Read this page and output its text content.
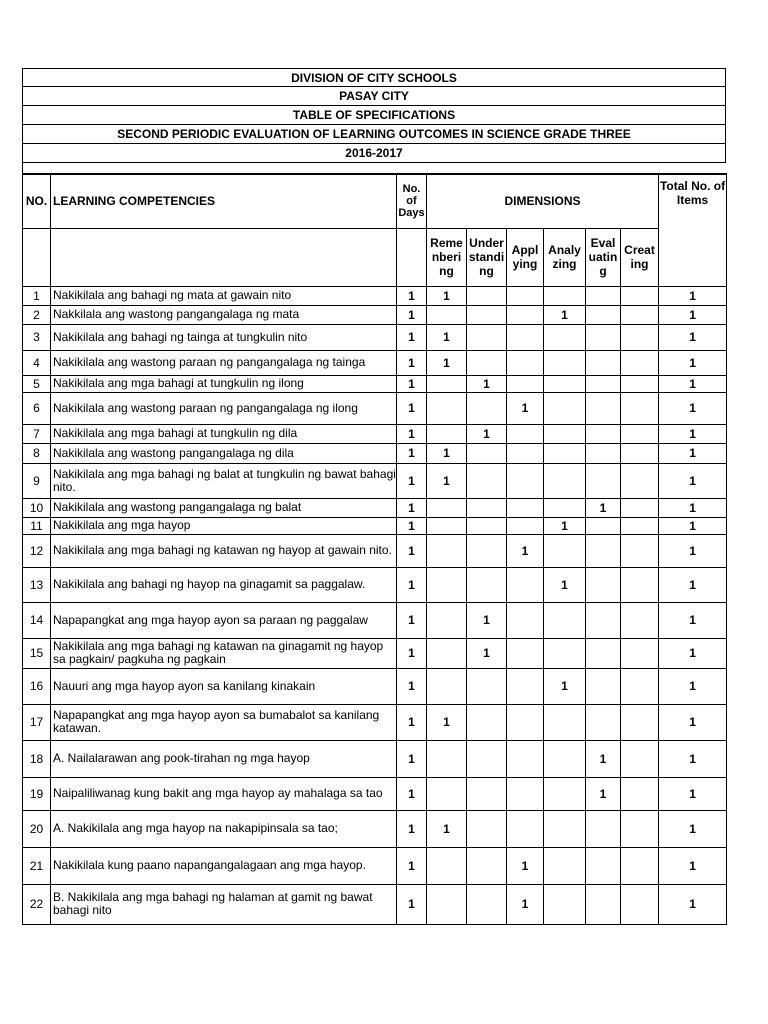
DIVISION OF CITY SCHOOLS
PASAY CITY
TABLE OF SPECIFICATIONS
SECOND PERIODIC EVALUATION OF LEARNING OUTCOMES IN SCIENCE GRADE THREE
2016-2017
NO.	LEARNING COMPETENCIES	No. of Days	DIMENSIONS						Total No. of Items
			Reme nberi ng	Under standi ng	Appl ying	Analy zing	Eval uatin g	Creat ing	
1	Nakikilala ang bahagi ng mata at gawain nito	1	1						1
2	Nakkilala ang wastong pangangalaga ng mata	1				1			1
3	Nakikilala ang bahagi ng tainga at tungkulin nito	1	1						1
4	Nakikilala ang wastong paraan ng pangangalaga ng tainga	1	1						1
5	Nakikilala ang mga bahagi at tungkulin ng ilong	1		1					1
6	Nakikilala ang wastong paraan ng pangangalaga ng ilong	1			1				1
7	Nakikilala ang mga bahagi at tungkulin ng dila	1		1					1
8	Nakikilala ang wastong pangangalaga ng dila	1	1						1
9	Nakikilala ang mga bahagi ng balat at tungkulin ng bawat bahagi nito.	1	1						1
10	Nakikilala ang wastong pangangalaga ng balat	1					1		1
11	Nakikilala ang mga hayop	1				1			1
12	Nakikilala ang mga bahagi ng katawan ng hayop at gawain nito.	1			1				1
13	Nakikilala ang bahagi ng hayop na ginagamit sa paggalaw.	1				1			1
14	Napapangkat ang mga hayop ayon sa paraan ng paggalaw	1		1					1
15	Nakikilala ang mga bahagi ng katawan na ginagamit ng hayop sa pagkain/ pagkuha ng pagkain	1		1					1
16	Nauuri ang mga hayop ayon sa kanilang kinakain	1				1			1
17	Napapangkat ang mga hayop ayon sa bumabalot sa kanilang katawan.	1	1						1
18	A. Nailalarawan ang pook-tirahan ng mga hayop	1					1		1
19	Naipaliliwanag kung bakit ang mga hayop ay mahalaga sa tao	1					1		1
20	A. Nakikilala ang mga hayop na nakapipinsala sa tao;	1	1						1
21	Nakikilala kung paano napangangalagaan ang mga hayop.	1			1				1
22	B. Nakikilala ang mga bahagi ng halaman at gamit ng bawat bahagi nito	1			1				1
